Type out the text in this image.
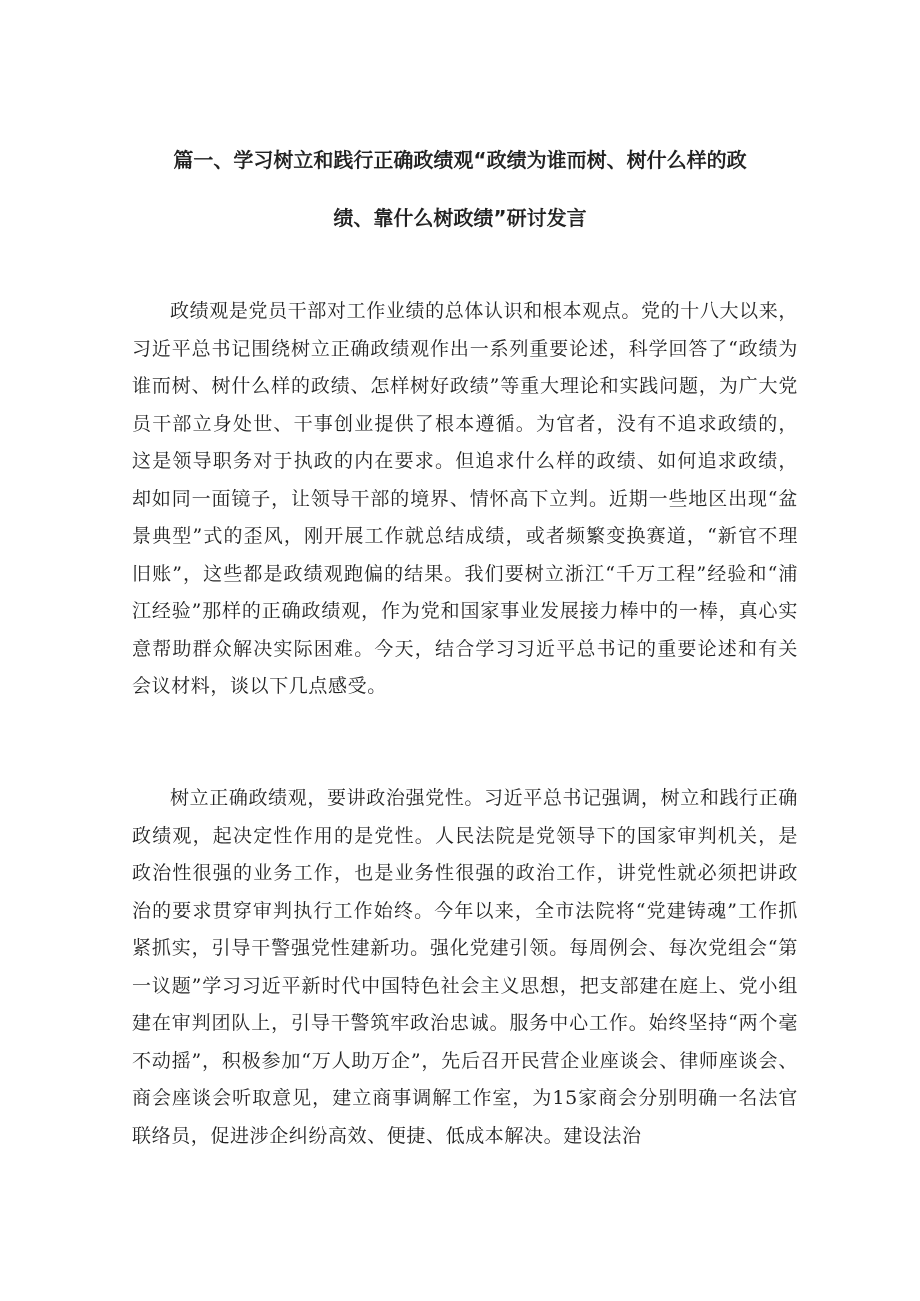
篇一、学习树立和践行正确政绩观“政绩为谁而树、树什么样的政
绩、靠什么树政绩”研讨发言

政绩观是党员干部对工作业绩的总体认识和根本观点。党的十八大以来，习近平总书记围绕树立正确政绩观作出一系列重要论述，科学回答了“政绩为谁而树、树什么样的政绩、怎样树好政绩”等重大理论和实践问题，为广大党员干部立身处世、干事创业提供了根本遵循。为官者，没有不追求政绩的，这是领导职务对于执政的内在要求。但追求什么样的政绩、如何追求政绩，却如同一面镜子，让领导干部的境界、情怀高下立判。近期一些地区出现“盆景典型”式的歪风，刚开展工作就总结成绩，或者频繁变换赛道，“新官不理旧账”，这些都是政绩观跑偏的结果。我们要树立浙江“千万工程”经验和“浦江经验”那样的正确政绩观，作为党和国家事业发展接力棒中的一棒，真心实意帮助群众解决实际困难。今天，结合学习习近平总书记的重要论述和有关会议材料，谈以下几点感受。

树立正确政绩观，要讲政治强党性。习近平总书记强调，树立和践行正确政绩观，起决定性作用的是党性。人民法院是党领导下的国家审判机关，是政治性很强的业务工作，也是业务性很强的政治工作，讲党性就必须把讲政治的要求贯穿审判执行工作始终。今年以来，全市法院将“党建铸魂”工作抓紧抓实，引导干警强党性建新功。强化党建引领。每周例会、每次党组会“第一议题”学习习近平新时代中国特色社会主义思想，把支部建在庭上、党小组建在审判团队上，引导干警筑牢政治忠诚。服务中心工作。始终坚持“两个毫不动摇”，积极参加“万人助万企”，先后召开民营企业座谈会、律师座谈会、商会座谈会听取意见，建立商事调解工作室，为15家商会分别明确一名法官联络员，促进涉企纠纷高效、便捷、低成本解决。建设法治
